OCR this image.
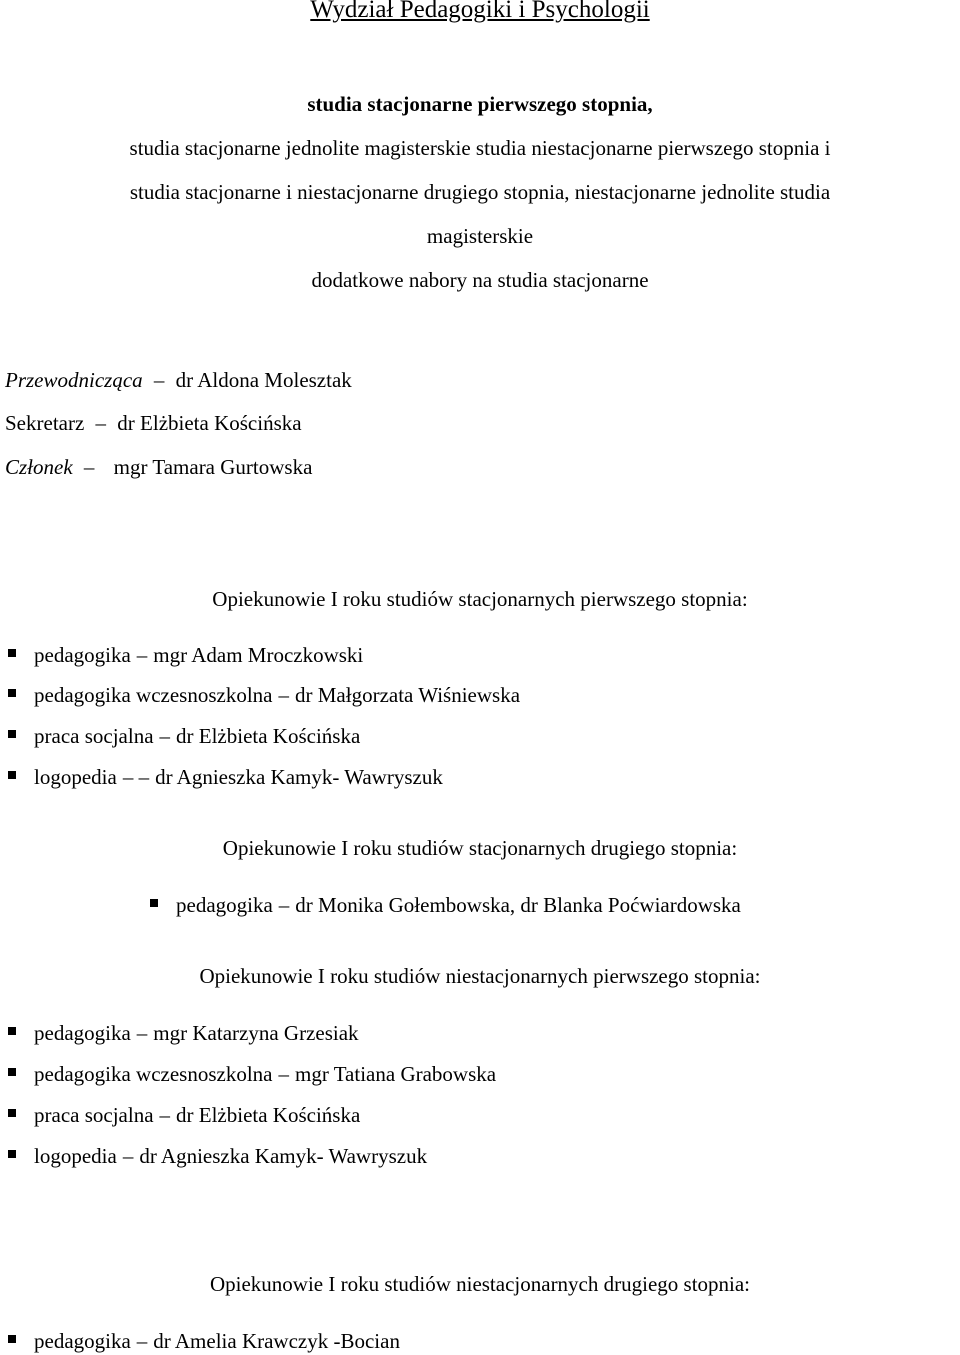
Wydział Pedagogiki i Psychologii
studia stacjonarne pierwszego stopnia,
studia stacjonarne jednolite magisterskie studia niestacjonarne pierwszego stopnia i
studia stacjonarne i niestacjonarne drugiego stopnia, niestacjonarne jednolite studia
magisterskie
dodatkowe nabory na studia stacjonarne
Przewodnicząca – dr Aldona Molesztak
Sekretarz – dr Elżbieta Kościńska
Członek – mgr Tamara Gurtowska
Opiekunowie I roku studiów stacjonarnych pierwszego stopnia:
pedagogika – mgr Adam Mroczkowski
pedagogika wczesnoszkolna – dr Małgorzata Wiśniewska
praca socjalna – dr Elżbieta Kościńska
logopedia – – dr Agnieszka Kamyk- Wawryszuk
Opiekunowie I roku studiów stacjonarnych drugiego stopnia:
pedagogika – dr Monika Gołembowska, dr Blanka Poćwiardowska
Opiekunowie I roku studiów niestacjonarnych pierwszego stopnia:
pedagogika – mgr Katarzyna Grzesiak
pedagogika wczesnoszkolna – mgr Tatiana Grabowska
praca socjalna – dr Elżbieta Kościńska
logopedia – dr Agnieszka Kamyk- Wawryszuk
Opiekunowie I roku studiów niestacjonarnych drugiego stopnia:
pedagogika – dr Amelia Krawczyk -Bocian
